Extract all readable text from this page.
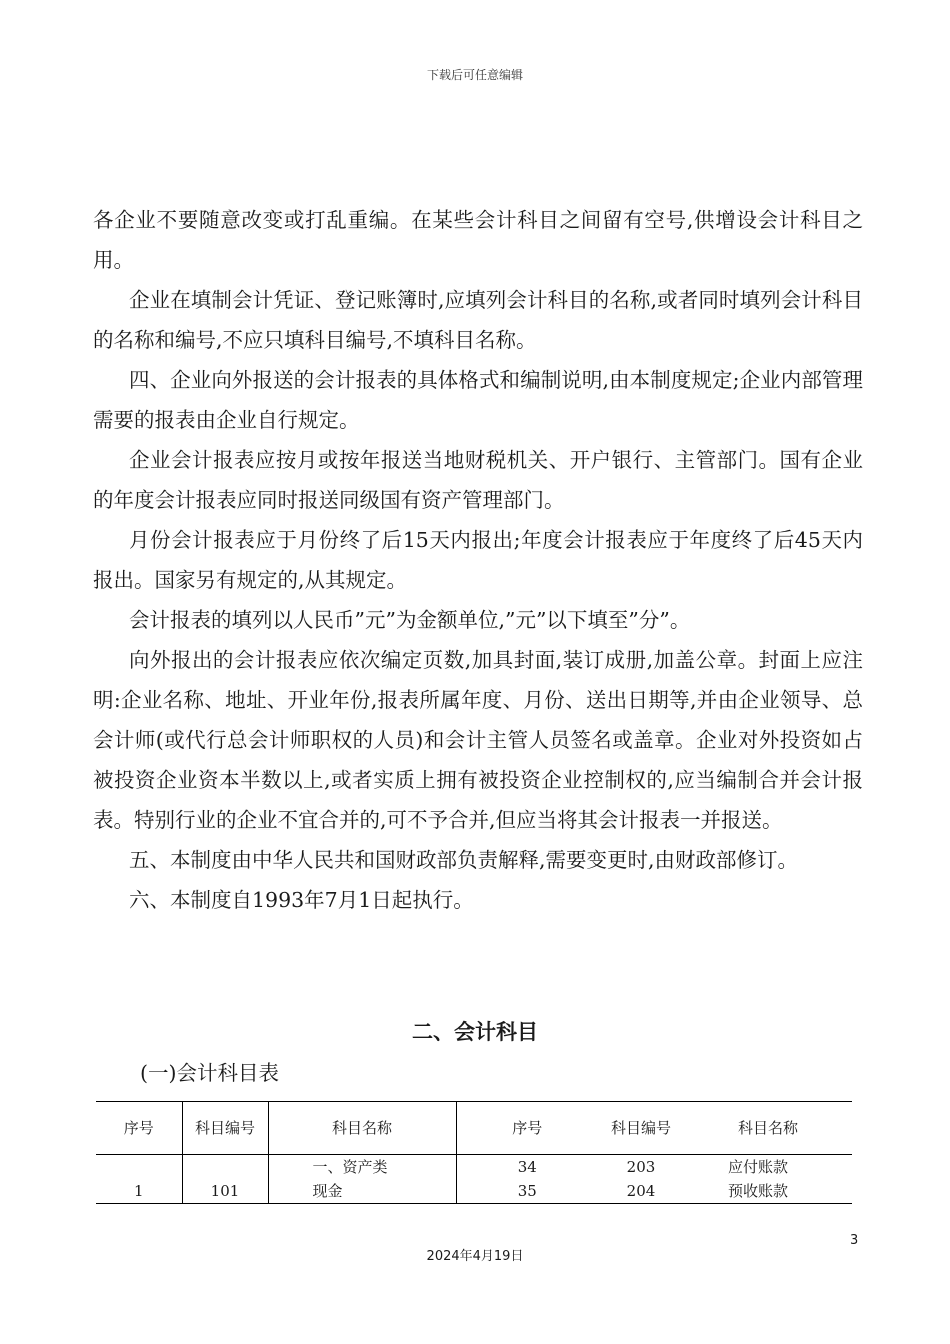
下载后可任意编辑

各企业不要随意改变或打乱重编。在某些会计科目之间留有空号,供增设会计科目之用。

企业在填制会计凭证、登记账簿时,应填列会计科目的名称,或者同时填列会计科目的名称和编号,不应只填科目编号,不填科目名称。

四、企业向外报送的会计报表的具体格式和编制说明,由本制度规定;企业内部管理需要的报表由企业自行规定。

企业会计报表应按月或按年报送当地财税机关、开户银行、主管部门。国有企业的年度会计报表应同时报送同级国有资产管理部门。

月份会计报表应于月份终了后15天内报出;年度会计报表应于年度终了后45天内报出。国家另有规定的,从其规定。

会计报表的填列以人民币”元”为金额单位,”元”以下填至”分”。

向外报出的会计报表应依次编定页数,加具封面,装订成册,加盖公章。封面上应注明:企业名称、地址、开业年份,报表所属年度、月份、送出日期等,并由企业领导、总会计师(或代行总会计师职权的人员)和会计主管人员签名或盖章。企业对外投资如占被投资企业资本半数以上,或者实质上拥有被投资企业控制权的,应当编制合并会计报表。特别行业的企业不宜合并的,可不予合并,但应当将其会计报表一并报送。

五、本制度由中华人民共和国财政部负责解释,需要变更时,由财政部修订。

六、本制度自1993年7月1日起执行。

二、会计科目
(一)会计科目表
序号	科目编号	科目名称	序号	科目编号	科目名称
		一、资产类	34	203	应付账款
1	101	现金	35	204	预收账款
3
2024年4月19日
